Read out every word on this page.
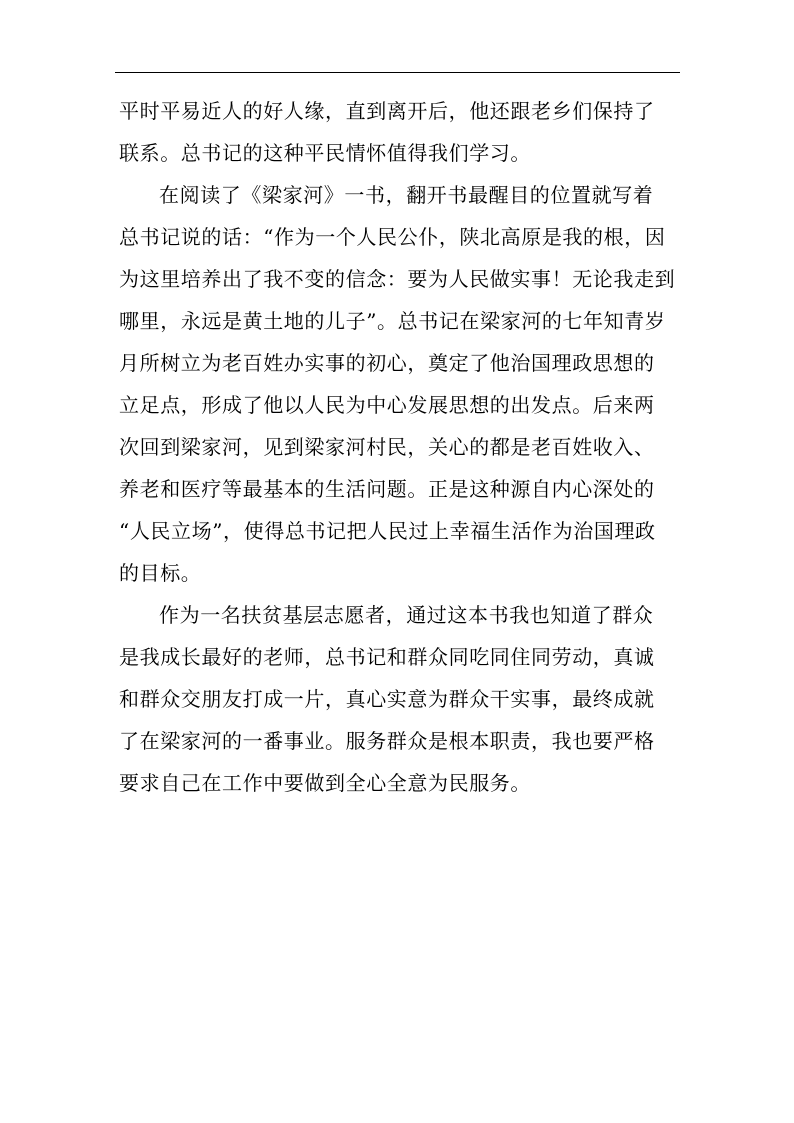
平时平易近人的好人缘，直到离开后，他还跟老乡们保持了
联系。总书记的这种平民情怀值得我们学习。

在阅读了《梁家河》一书，翻开书最醒目的位置就写着
总书记说的话：“作为一个人民公仆，陕北高原是我的根，因
为这里培养出了我不变的信念：要为人民做实事！无论我走到
哪里，永远是黄土地的儿子”。总书记在梁家河的七年知青岁
月所树立为老百姓办实事的初心，奠定了他治国理政思想的
立足点，形成了他以人民为中心发展思想的出发点。后来两
次回到梁家河，见到梁家河村民，关心的都是老百姓收入、
养老和医疗等最基本的生活问题。正是这种源自内心深处的
“人民立场”，使得总书记把人民过上幸福生活作为治国理政
的目标。

作为一名扶贫基层志愿者，通过这本书我也知道了群众
是我成长最好的老师，总书记和群众同吃同住同劳动，真诚
和群众交朋友打成一片，真心实意为群众干实事，最终成就
了在梁家河的一番事业。服务群众是根本职责，我也要严格
要求自己在工作中要做到全心全意为民服务。
